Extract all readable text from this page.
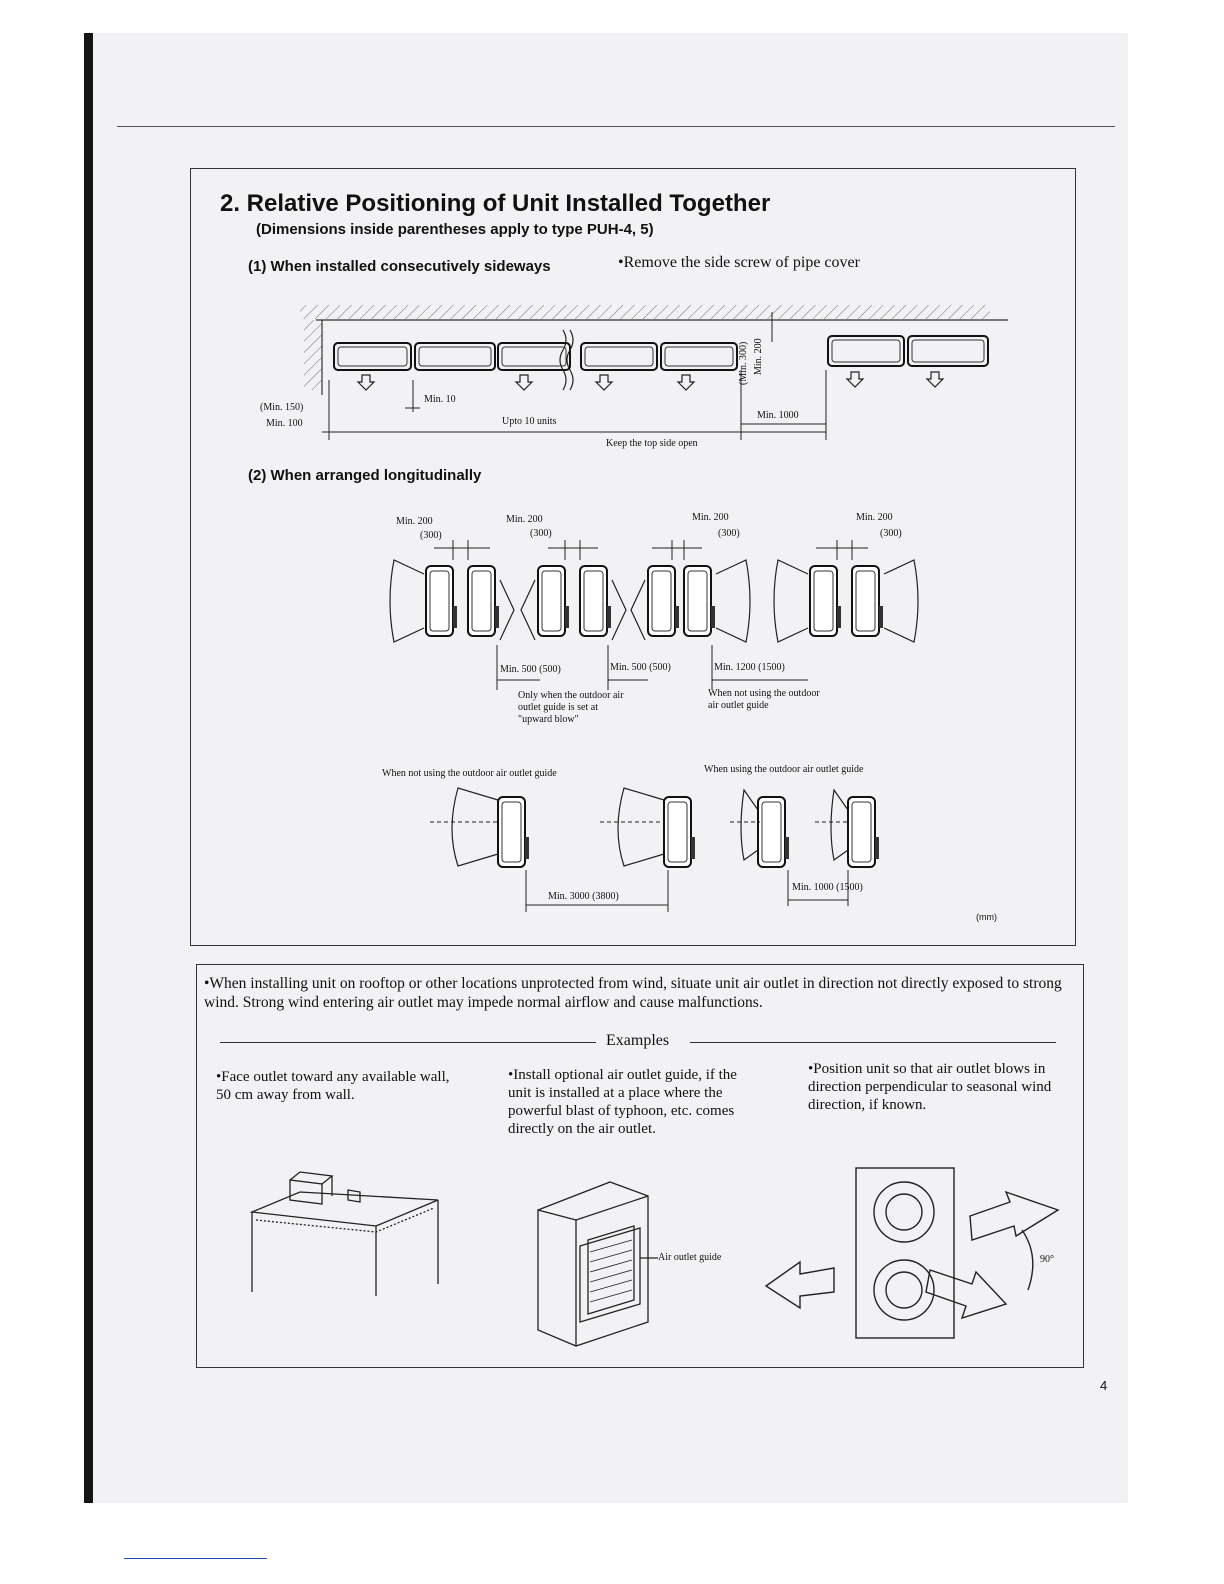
2. Relative Positioning of Unit Installed Together
(Dimensions inside parentheses apply to type PUH-4, 5)
(1) When installed consecutively sideways	•Remove the side screw of pipe cover
(Min. 150)
Min. 100
Min. 10
Upto 10 units
(Min. 300) Min. 200
Min. 1000
Keep the top side open
(2) When arranged longitudinally
Min. 200
(300)
Min. 200
(300)
Min. 200
(300)
Min. 200
(300)
Min. 500 (500)	Min. 500 (500)	Min. 1200 (1500)
Only when the outdoor air outlet guide is set at "upward blow"
When not using the outdoor air outlet guide
When not using the outdoor air outlet guide	When using the outdoor air outlet guide
Min. 3000 (3800)
Min. 1000 (1500)
(mm)
•When installing unit on rooftop or other locations unprotected from wind, situate unit air outlet in direction not directly exposed to strong wind. Strong wind entering air outlet may impede normal airflow and cause malfunctions.
Examples
•Face outlet toward any available wall, 50 cm away from wall.
•Install optional air outlet guide, if the unit is installed at a place where the powerful blast of typhoon, etc. comes directly on the air outlet.
•Position unit so that air outlet blows in direction perpendicular to seasonal wind direction, if known.
Air outlet guide	90°
4
